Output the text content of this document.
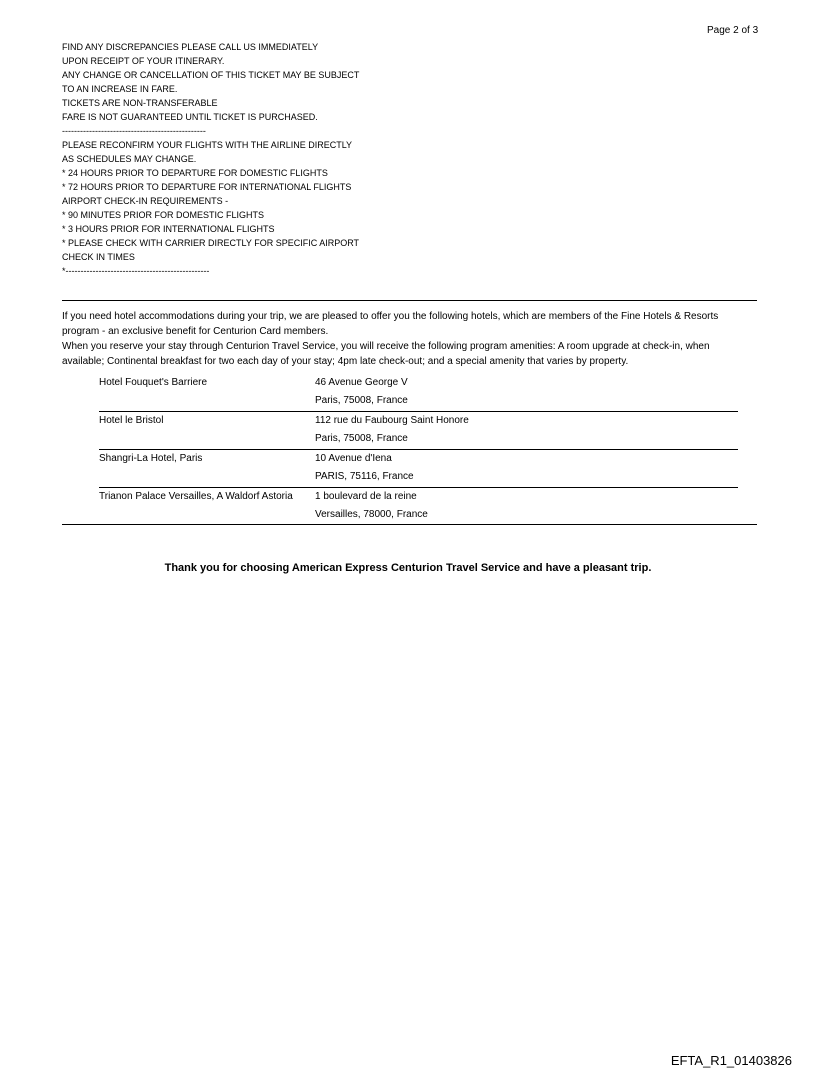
Page 2 of 3
FIND ANY DISCREPANCIES PLEASE CALL US IMMEDIATELY
UPON RECEIPT OF YOUR ITINERARY.
ANY CHANGE OR CANCELLATION OF THIS TICKET MAY BE SUBJECT
TO AN INCREASE IN FARE.
TICKETS ARE NON-TRANSFERABLE
FARE IS NOT GUARANTEED UNTIL TICKET IS PURCHASED.
------------------------------------------------
PLEASE RECONFIRM YOUR FLIGHTS WITH THE AIRLINE DIRECTLY
AS SCHEDULES MAY CHANGE.
* 24 HOURS PRIOR TO DEPARTURE FOR DOMESTIC FLIGHTS
* 72 HOURS PRIOR TO DEPARTURE FOR INTERNATIONAL FLIGHTS
AIRPORT CHECK-IN REQUIREMENTS -
* 90 MINUTES PRIOR FOR DOMESTIC FLIGHTS
* 3 HOURS PRIOR FOR INTERNATIONAL FLIGHTS
* PLEASE CHECK WITH CARRIER DIRECTLY FOR SPECIFIC AIRPORT
CHECK IN TIMES
*------------------------------------------------

If you need hotel accommodations during your trip, we are pleased to offer you the following hotels, which are members of the Fine Hotels & Resorts program - an exclusive benefit for Centurion Card members.

When you reserve your stay through Centurion Travel Service, you will receive the following program amenities: A room upgrade at check-in, when available; Continental breakfast for two each day of your stay; 4pm late check-out; and a special amenity that varies by property.

Hotel Fouquet's Barriere	46 Avenue George V
Paris, 75008, France
Hotel le Bristol	112 rue du Faubourg Saint Honore
Paris, 75008, France
Shangri-La Hotel, Paris	10 Avenue d'Iena
PARIS, 75116, France
Trianon Palace Versailles, A Waldorf Astoria	1 boulevard de la reine
Versailles, 78000, France
Thank you for choosing American Express Centurion Travel Service and have a pleasant trip.
EFTA_R1_01403826
